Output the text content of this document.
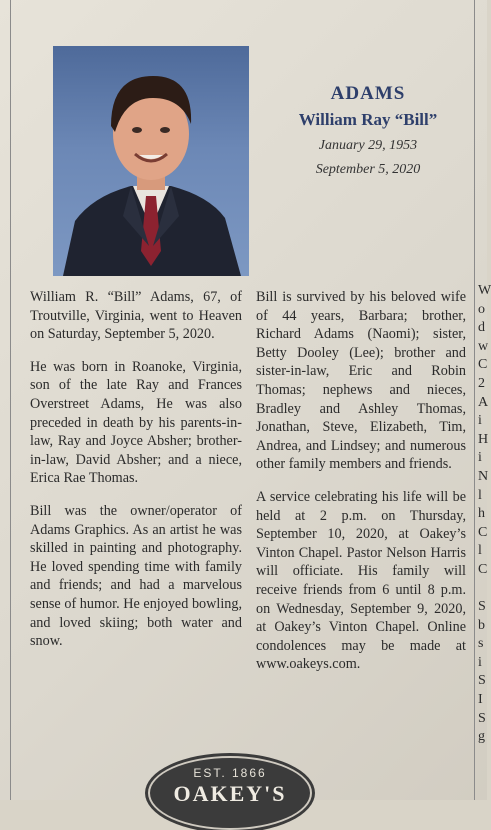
ADAMS
William Ray “Bill”
January 29, 1953
September 5, 2020

William R. “Bill” Adams, 67, of Troutville, Virginia, went to Heaven on Saturday, September 5, 2020.

He was born in Roanoke, Virginia, son of the late Ray and Frances Overstreet Adams, He was also preceded in death by his parents-in-law, Ray and Joyce Absher; brother-in-law, David Absher; and a niece, Erica Rae Thomas.

Bill was the owner/operator of Adams Graphics. As an artist he was skilled in painting and photography. He loved spending time with family and friends; and had a marvelous sense of humor. He enjoyed bowling, and loved skiing; both water and snow.

Bill is survived by his beloved wife of 44 years, Barbara; brother, Richard Adams (Naomi); sister, Betty Dooley (Lee); brother and sister-in-law, Eric and Robin Thomas; nephews and nieces, Bradley and Ashley Thomas, Jonathan, Steve, Elizabeth, Tim, Andrea, and Lindsey; and numerous other family members and friends.

A service celebrating his life will be held at 2 p.m. on Thursday, September 10, 2020, at Oakey’s Vinton Chapel. Pastor Nelson Harris will officiate. His family will receive friends from 6 until 8 p.m. on Wednesday, September 9, 2020, at Oakey’s Vinton Chapel. Online condolences may be made at www.oakeys.com.

W
o
d
w
C
2
A
i
H
i
N
l
h
C
l
C

S
b
s
i
S
I
S
g
EST. 1866
OAKEY'S
